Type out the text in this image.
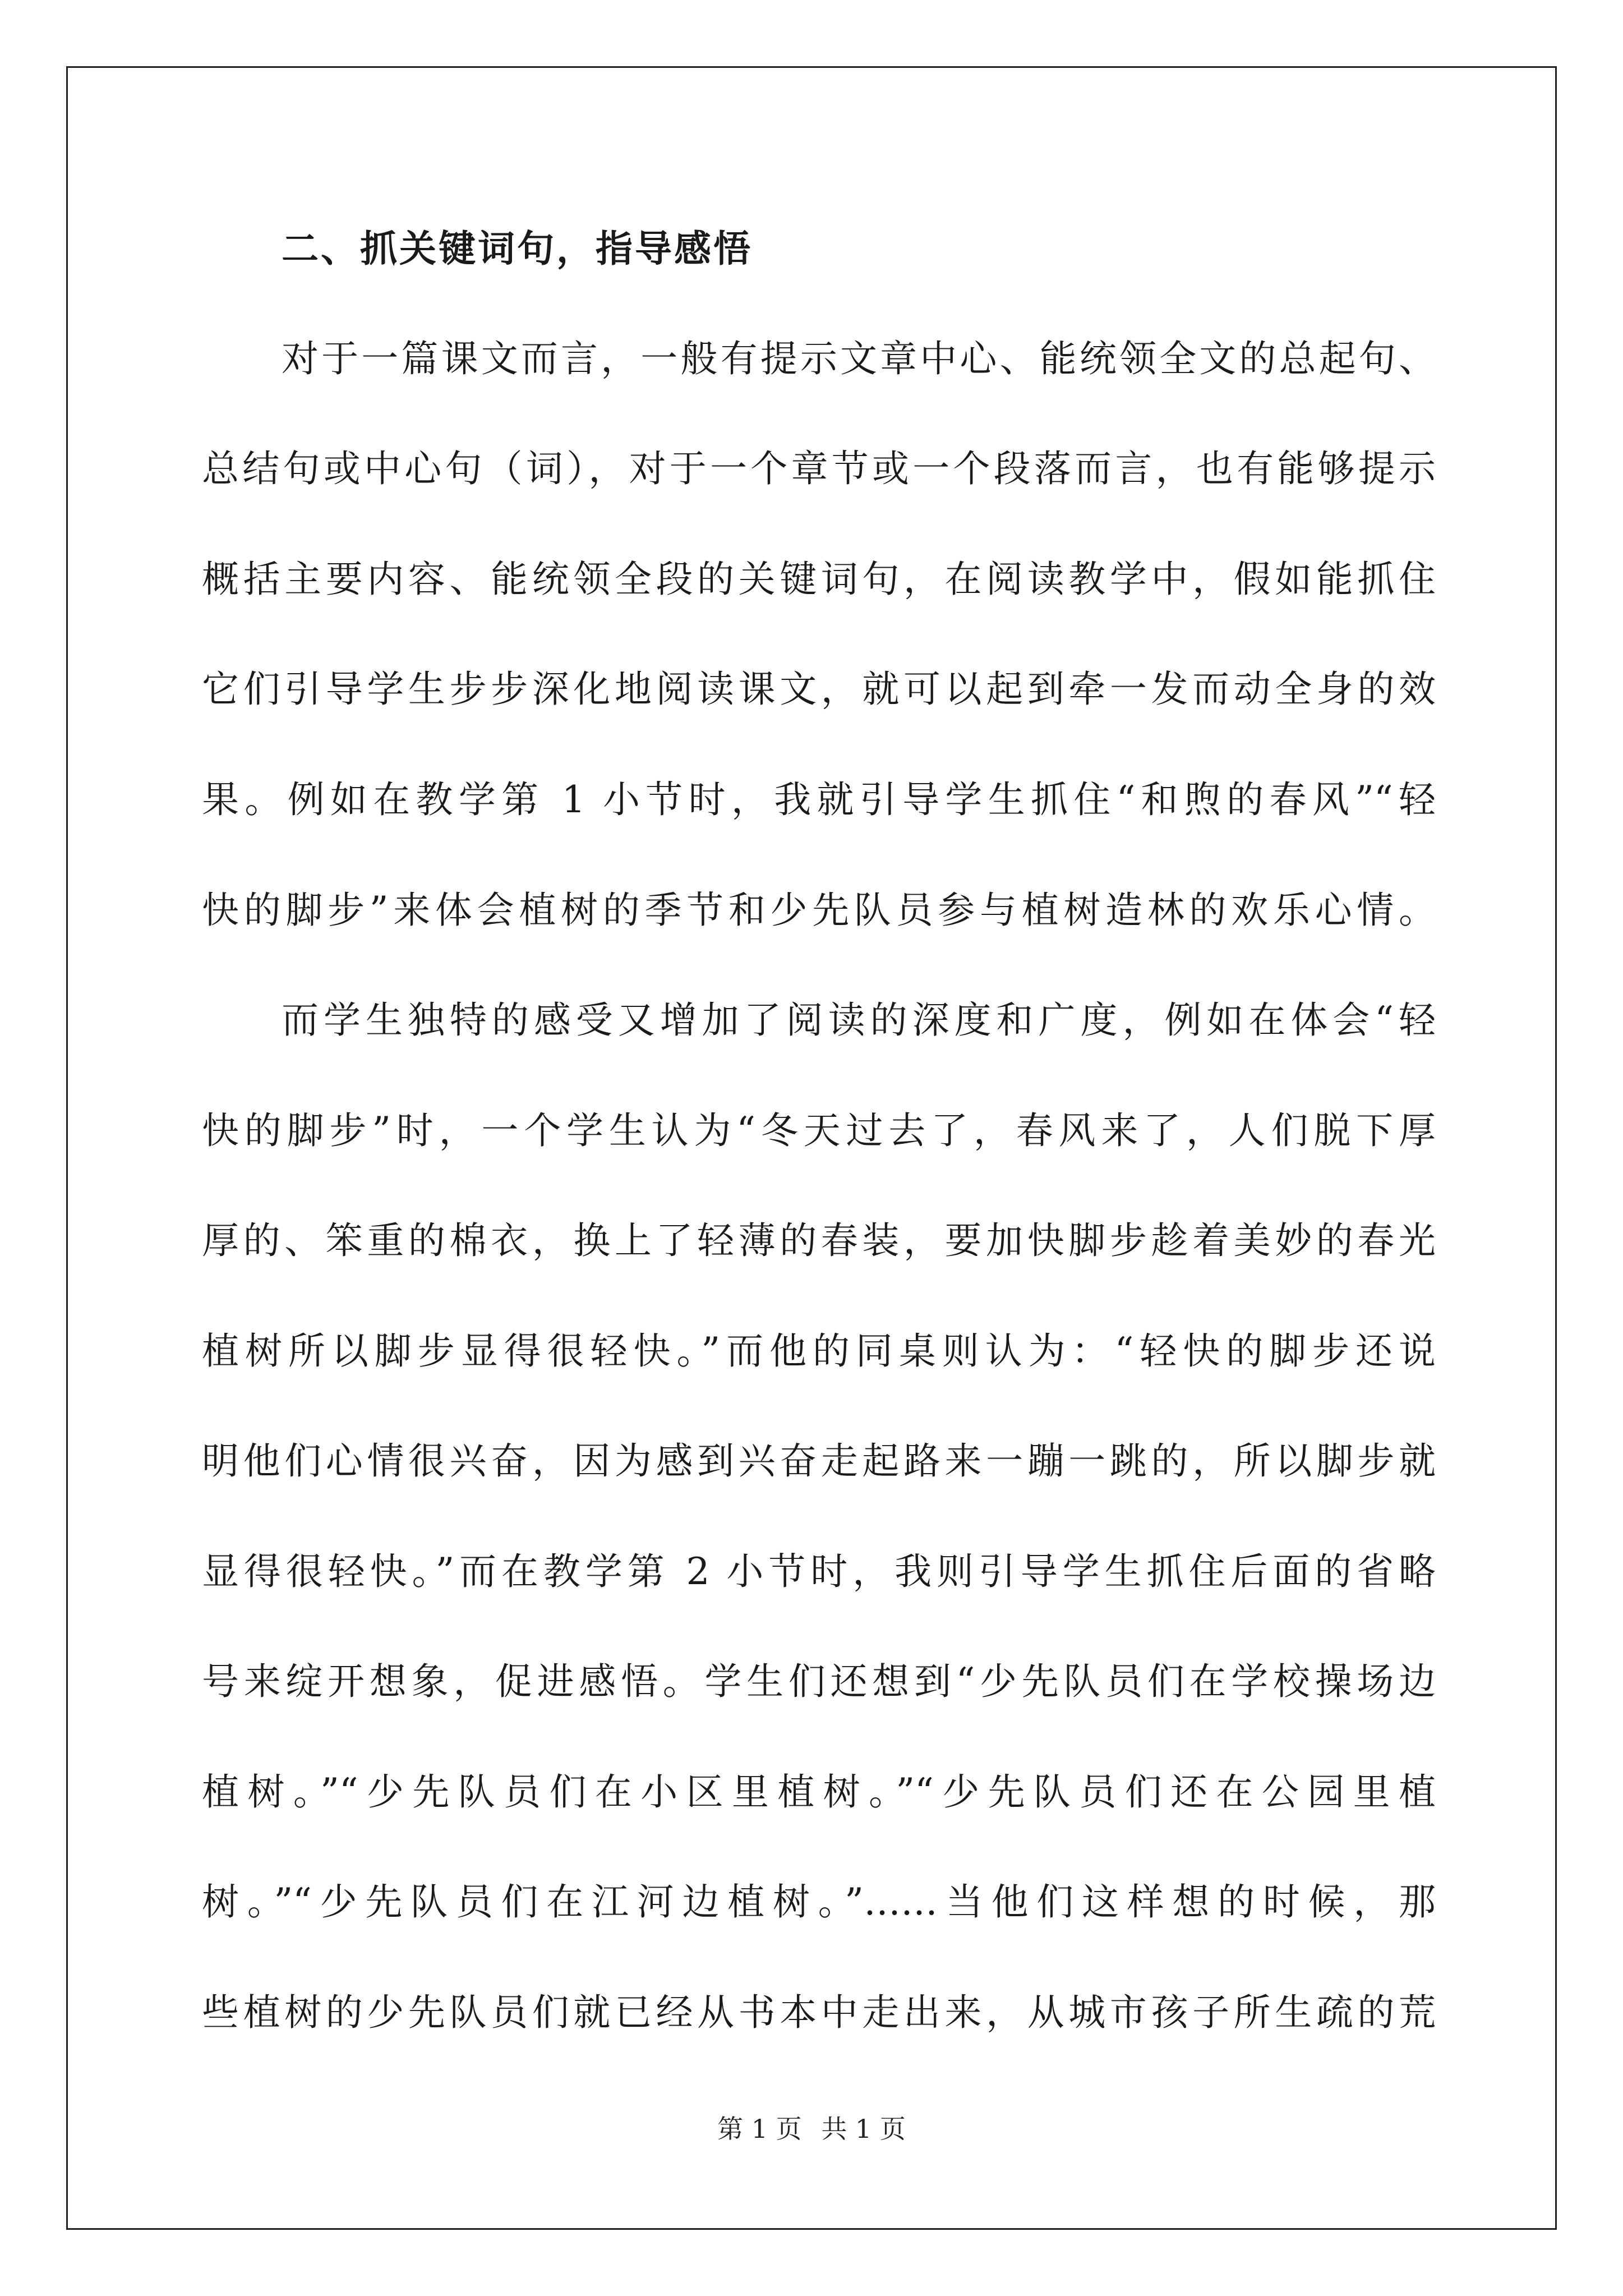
二、抓关键词句，指导感悟
对于一篇课文而言，一般有提示文章中心、能统领全文的总起句、
总结句或中心句（词），对于一个章节或一个段落而言，也有能够提示
概括主要内容、能统领全段的关键词句，在阅读教学中，假如能抓住
它们引导学生步步深化地阅读课文，就可以起到牵一发而动全身的效
果。例如在教学第 1 小节时，我就引导学生抓住“和煦的春风”“轻
快的脚步”来体会植树的季节和少先队员参与植树造林的欢乐心情。
而学生独特的感受又增加了阅读的深度和广度，例如在体会“轻
快的脚步”时，一个学生认为“冬天过去了，春风来了，人们脱下厚
厚的、笨重的棉衣，换上了轻薄的春装，要加快脚步趁着美妙的春光
植树所以脚步显得很轻快。”而他的同桌则认为：“轻快的脚步还说
明他们心情很兴奋，因为感到兴奋走起路来一蹦一跳的，所以脚步就
显得很轻快。”而在教学第 2 小节时，我则引导学生抓住后面的省略
号来绽开想象，促进感悟。学生们还想到“少先队员们在学校操场边
植树。”“少先队员们在小区里植树。”“少先队员们还在公园里植
树。”“少先队员们在江河边植树。”……当他们这样想的时候，那
些植树的少先队员们就已经从书本中走出来，从城市孩子所生疏的荒
第 1 页 共 1 页
